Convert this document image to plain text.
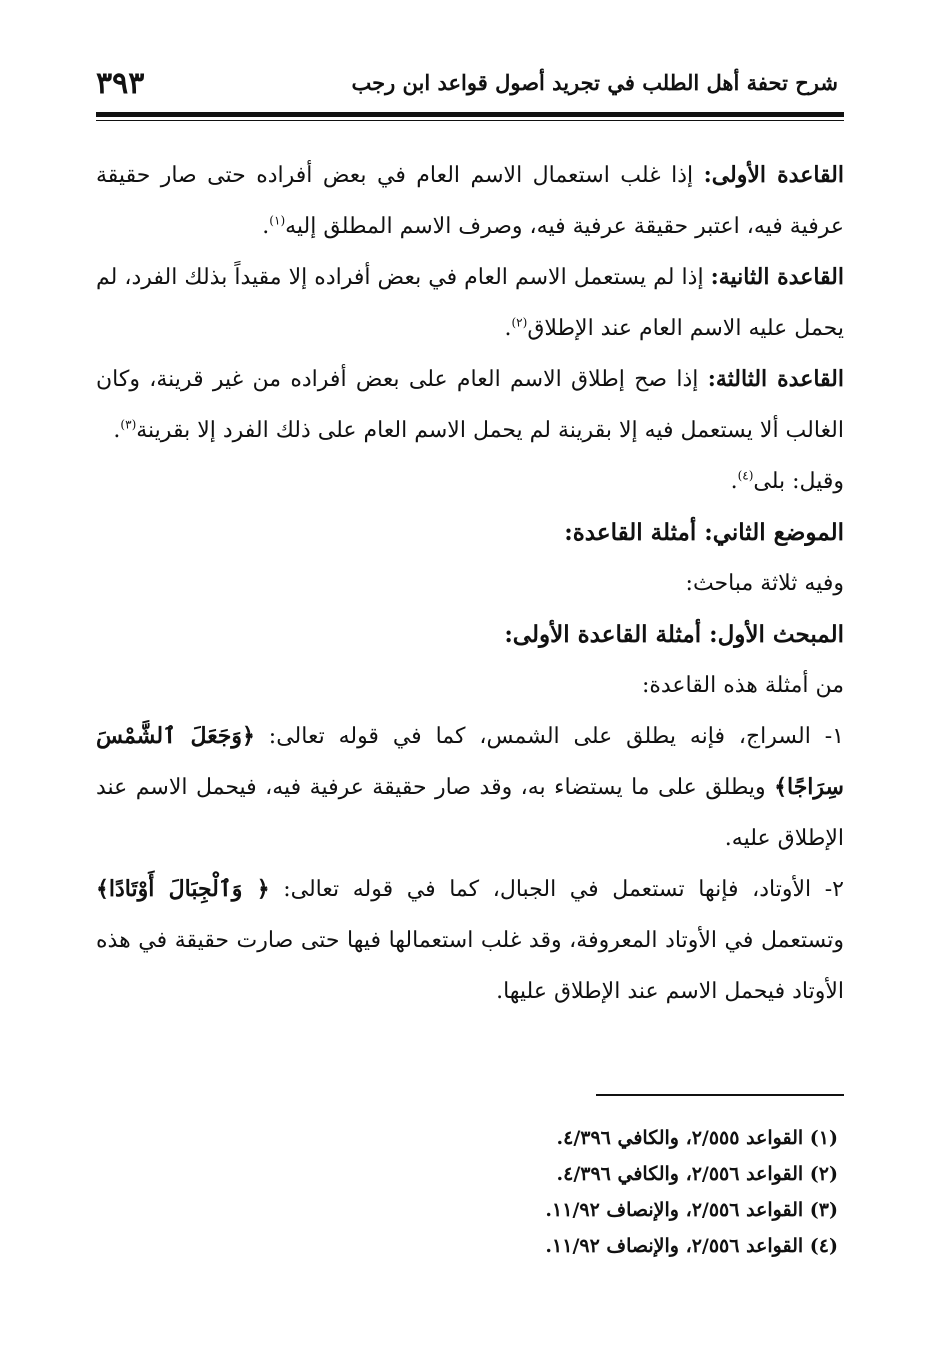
شرح تحفة أهل الطلب في تجريد أصول قواعد ابن رجب
٣٩٣

القاعدة الأولى: إذا غلب استعمال الاسم العام في بعض أفراده حتى صار حقيقة عرفية فيه، اعتبر حقيقة عرفية فيه، وصرف الاسم المطلق إليه$^{(١)}$.

القاعدة الثانية: إذا لم يستعمل الاسم العام في بعض أفراده إلا مقيداً بذلك الفرد، لم يحمل عليه الاسم العام عند الإطلاق$^{(٢)}$.

القاعدة الثالثة: إذا صح إطلاق الاسم العام على بعض أفراده من غير قرينة، وكان الغالب ألا يستعمل فيه إلا بقرينة لم يحمل الاسم العام على ذلك الفرد إلا بقرينة$^{(٣)}$.

وقيل: بلى$^{(٤)}$.

الموضع الثاني: أمثلة القاعدة:

وفيه ثلاثة مباحث:

المبحث الأول: أمثلة القاعدة الأولى:

من أمثلة هذه القاعدة:

١- السراج، فإنه يطلق على الشمس، كما في قوله تعالى: ﴿وَجَعَلَ ٱلشَّمْسَ سِرَاجًا﴾ ويطلق على ما يستضاء به، وقد صار حقيقة عرفية فيه، فيحمل الاسم عند الإطلاق عليه.

٢- الأوتاد، فإنها تستعمل في الجبال، كما في قوله تعالى: ﴿ وَٱلْجِبَالَ أَوْتَادًا﴾ وتستعمل في الأوتاد المعروفة، وقد غلب استعمالها فيها حتى صارت حقيقة في هذه الأوتاد فيحمل الاسم عند الإطلاق عليها.

(١) القواعد ٢/٥٥٥، والكافي ٤/٣٩٦.

(٢) القواعد ٢/٥٥٦، والكافي ٤/٣٩٦.

(٣) القواعد ٢/٥٥٦، والإنصاف ١١/٩٢.

(٤) القواعد ٢/٥٥٦، والإنصاف ١١/٩٢.
